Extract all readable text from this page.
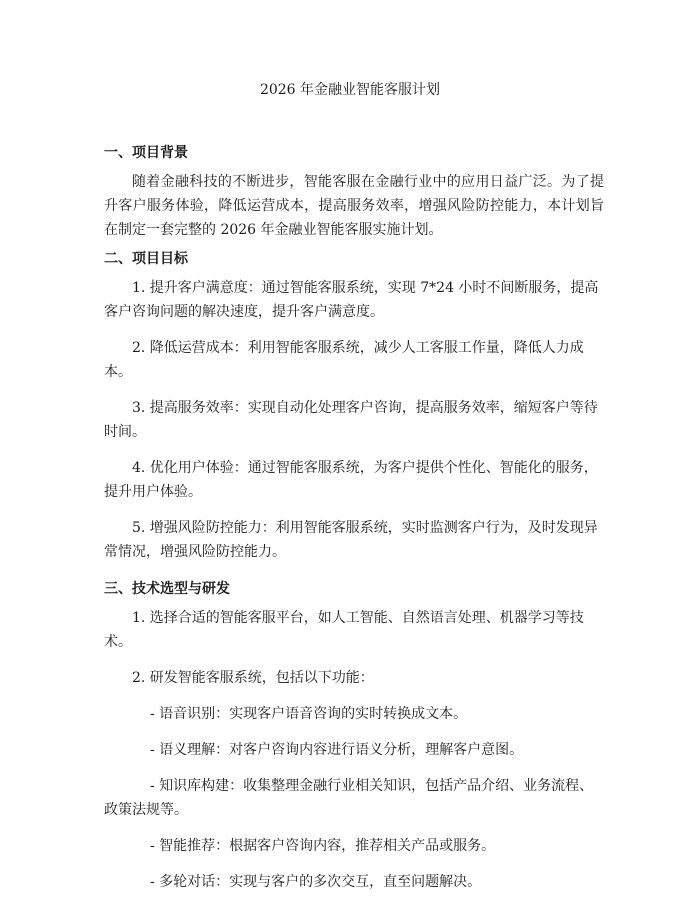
2026 年金融业智能客服计划
一、项目背景

随着金融科技的不断进步，智能客服在金融行业中的应用日益广泛。为了提升客户服务体验，降低运营成本，提高服务效率，增强风险防控能力，本计划旨在制定一套完整的 2026 年金融业智能客服实施计划。

二、项目目标

1. 提升客户满意度：通过智能客服系统，实现 7*24 小时不间断服务，提高客户咨询问题的解决速度，提升客户满意度。

2. 降低运营成本：利用智能客服系统，减少人工客服工作量，降低人力成本。

3. 提高服务效率：实现自动化处理客户咨询，提高服务效率，缩短客户等待时间。

4. 优化用户体验：通过智能客服系统，为客户提供个性化、智能化的服务，提升用户体验。

5. 增强风险防控能力：利用智能客服系统，实时监测客户行为，及时发现异常情况，增强风险防控能力。

三、技术选型与研发

1. 选择合适的智能客服平台，如人工智能、自然语言处理、机器学习等技术。

2. 研发智能客服系统，包括以下功能：

- 语音识别：实现客户语音咨询的实时转换成文本。

- 语义理解：对客户咨询内容进行语义分析，理解客户意图。

- 知识库构建：收集整理金融行业相关知识，包括产品介绍、业务流程、政策法规等。

- 智能推荐：根据客户咨询内容，推荐相关产品或服务。

- 多轮对话：实现与客户的多次交互，直至问题解决。
